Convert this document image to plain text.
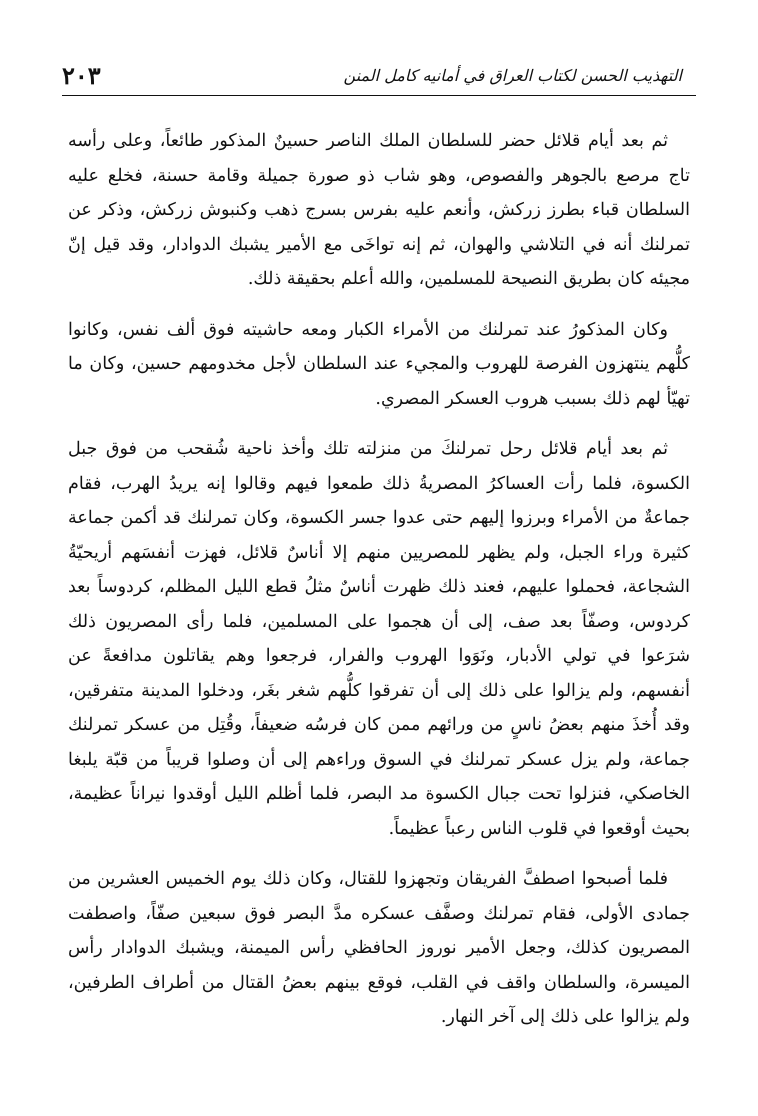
التهذيب الحسن لكتاب العراق في أمانيه كامل المنن
٢٠٣

ثم بعد أيام قلائل حضر للسلطان الملك الناصر حسينٌ المذكور طائعاً، وعلى رأسه تاج مرصع بالجوهر والفصوص، وهو شاب ذو صورة جميلة وقامة حسنة، فخلع عليه السلطان قباء بطرز زركش، وأنعم عليه بفرس بسرج ذهب وكنبوش زركش، وذكر عن تمرلنك أنه في التلاشي والهوان، ثم إنه تواخَى مع الأمير يشبك الدوادار، وقد قيل إنّ مجيئه كان بطريق النصيحة للمسلمين، والله أعلم بحقيقة ذلك.

وكان المذكورُ عند تمرلنك من الأمراء الكبار ومعه حاشيته فوق ألف نفس، وكانوا كلُّهم ينتهزون الفرصة للهروب والمجيء عند السلطان لأجل مخدومهم حسين، وكان ما تهيّأ لهم ذلك بسبب هروب العسكر المصري.

ثم بعد أيام قلائل رحل تمرلنكَ من منزلته تلك وأخذ ناحية شُقحب من فوق جبل الكسوة، فلما رأت العساكرُ المصريةُ ذلك طمعوا فيهم وقالوا إنه يريدُ الهرب، فقام جماعةٌ من الأمراء وبرزوا إليهم حتى عدوا جسر الكسوة، وكان تمرلنك قد أكمن جماعة كثيرة وراء الجبل، ولم يظهر للمصريين منهم إلا أناسٌ قلائل، فهزت أنفسَهم أريحيّةُ الشجاعة، فحملوا عليهم، فعند ذلك ظهرت أناسٌ مثلُ قطع الليل المظلم، كردوساً بعد كردوس، وصفّاً بعد صف، إلى أن هجموا على المسلمين، فلما رأى المصريون ذلك شرَعوا في تولي الأدبار، ونَوَوا الهروب والفرار، فرجعوا وهم يقاتلون مدافعةً عن أنفسهم، ولم يزالوا على ذلك إلى أن تفرقوا كلُّهم شغر بغَر، ودخلوا المدينة متفرقين، وقد أُخذَ منهم بعضُ ناسٍ من ورائهم ممن كان فرسُه ضعيفاً، وقُتِل من عسكر تمرلنك جماعة، ولم يزل عسكر تمرلنك في السوق وراءهم إلى أن وصلوا قريباً من قبّة يلبغا الخاصكي، فنزلوا تحت جبال الكسوة مد البصر، فلما أظلم الليل أوقدوا نيراناً عظيمة، بحيث أوقعوا في قلوب الناس رعباً عظيماً.

فلما أصبحوا اصطفَّ الفريقان وتجهزوا للقتال، وكان ذلك يوم الخميس العشرين من جمادى الأولى، فقام تمرلنك وصفَّف عسكره مدَّ البصر فوق سبعين صفّاً، واصطفت المصريون كذلك، وجعل الأمير نوروز الحافظي رأس الميمنة، ويشبك الدوادار رأس الميسرة، والسلطان واقف في القلب، فوقع بينهم بعضُ القتال من أطراف الطرفين، ولم يزالوا على ذلك إلى آخر النهار.
